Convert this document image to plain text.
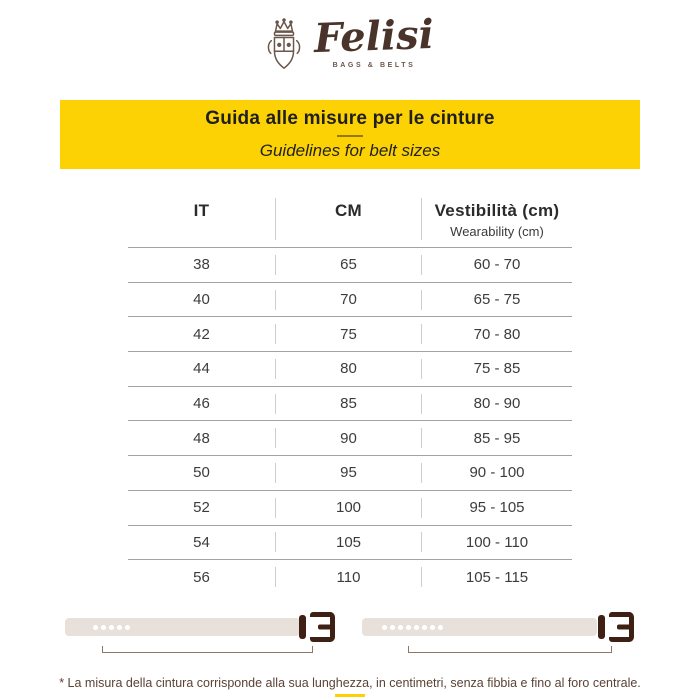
Felisi
BAGS & BELTS
Guida alle misure per le cinture
Guidelines for belt sizes
IT	CM	Vestibilità (cm)
Wearability (cm)
38	65	60 - 70
40	70	65 - 75
42	75	70 - 80
44	80	75 - 85
46	85	80 - 90
48	90	85 - 95
50	95	90 - 100
52	100	95 - 105
54	105	100 - 110
56	110	105 - 115
* La misura della cintura corrisponde alla sua lunghezza, in centimetri, senza fibbia e fino al foro centrale.
